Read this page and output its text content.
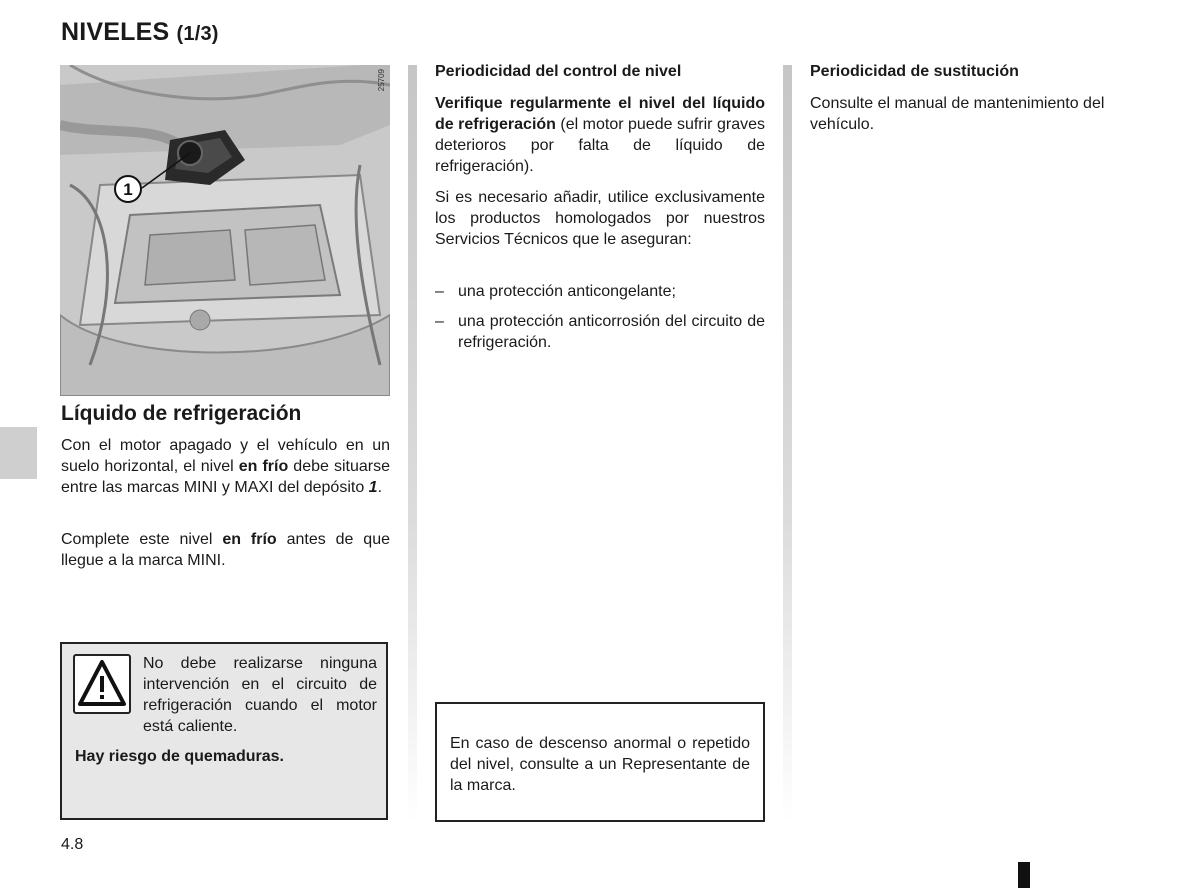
NIVELES (1/3)
1
25709
Líquido de refrigeración
Con el motor apagado y el vehículo en un suelo horizontal, el nivel en frío debe situarse entre las marcas MINI y MAXI del depósito 1.
Complete este nivel en frío antes de que llegue a la marca MINI.
No debe realizarse ninguna intervención en el circuito de refrigeración cuando el motor está caliente.
Hay riesgo de quemaduras.
Periodicidad del control de nivel
Verifique regularmente el nivel del líquido de refrigeración (el motor puede sufrir graves deterioros por falta de líquido de refrigeración).
Si es necesario añadir, utilice exclusivamente los productos homologados por nuestros Servicios Técnicos que le aseguran:
– una protección anticongelante;
– una protección anticorrosión del circuito de refrigeración.
En caso de descenso anormal o repetido del nivel, consulte a un Representante de la marca.
Periodicidad de sustitución
Consulte el manual de mantenimiento del vehículo.
4.8
